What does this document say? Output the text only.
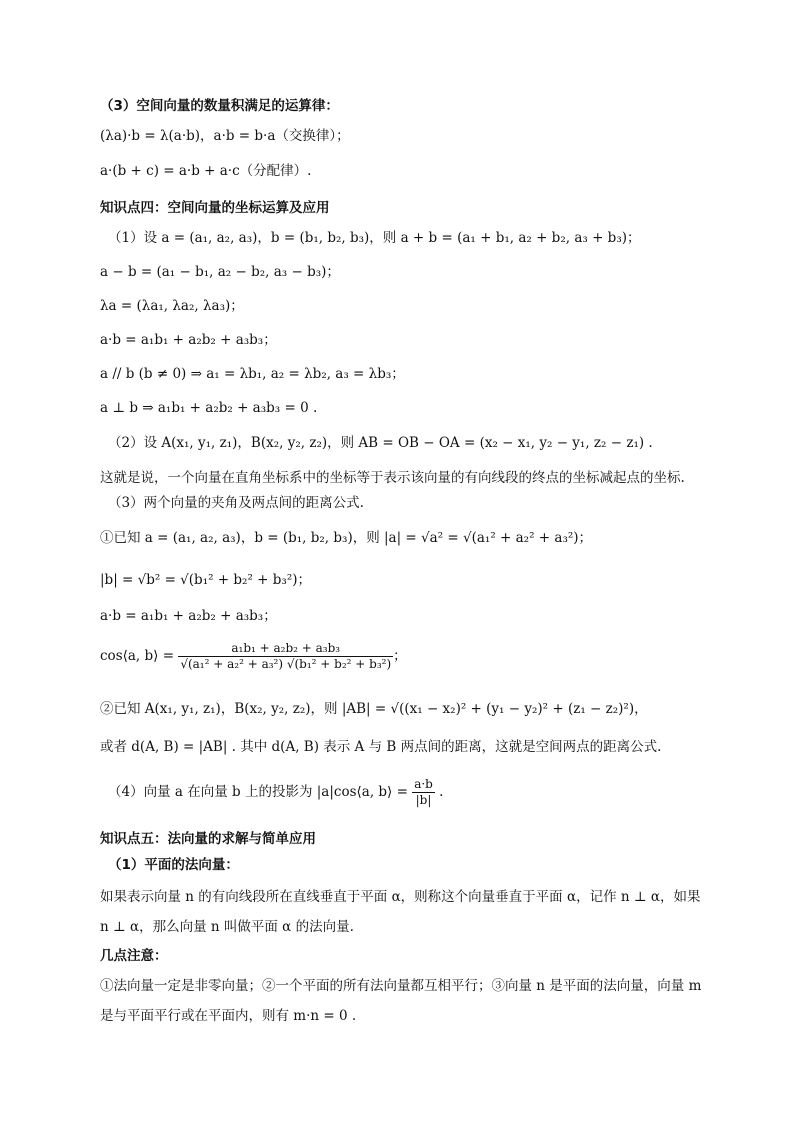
（3）空间向量的数量积满足的运算律：
(λa)·b = λ(a·b)，a·b = b·a（交换律）；
a·(b + c) = a·b + a·c（分配律）.
知识点四：空间向量的坐标运算及应用
（1）设 a = (a₁, a₂, a₃)，b = (b₁, b₂, b₃)，则 a + b = (a₁ + b₁, a₂ + b₂, a₃ + b₃)；
a − b = (a₁ − b₁, a₂ − b₂, a₃ − b₃)；
λa = (λa₁, λa₂, λa₃)；
a·b = a₁b₁ + a₂b₂ + a₃b₃；
a // b (b ≠ 0) ⇒ a₁ = λb₁, a₂ = λb₂, a₃ = λb₃；
a ⊥ b ⇒ a₁b₁ + a₂b₂ + a₃b₃ = 0 .
（2）设 A(x₁, y₁, z₁)，B(x₂, y₂, z₂)，则 AB = OB − OA = (x₂ − x₁, y₂ − y₁, z₂ − z₁) .
这就是说，一个向量在直角坐标系中的坐标等于表示该向量的有向线段的终点的坐标减起点的坐标.
（3）两个向量的夹角及两点间的距离公式.
①已知 a = (a₁, a₂, a₃)，b = (b₁, b₂, b₃)，则 |a| = √a² = √(a₁² + a₂² + a₃²)；
|b| = √b² = √(b₁² + b₂² + b₃²)；
a·b = a₁b₁ + a₂b₂ + a₃b₃；
cos⟨a, b⟩ = $\frac{\text{a₁b₁ + a₂b₂ + a₃b₃}}{\text{√(a₁² + a₂² + a₃²) √(b₁² + b₂² + b₃²)}}$ ；
②已知 A(x₁, y₁, z₁)，B(x₂, y₂, z₂)，则 |AB| = √((x₁ − x₂)² + (y₁ − y₂)² + (z₁ − z₂)²)，
或者 d(A, B) = |AB| . 其中 d(A, B) 表示 A 与 B 两点间的距离，这就是空间两点的距离公式.
（4）向量 a 在向量 b 上的投影为 |a|cos⟨a, b⟩ = $\frac{a\cdot b}{|b|}$ .
知识点五：法向量的求解与简单应用
（1）平面的法向量：
如果表示向量 n 的有向线段所在直线垂直于平面 α，则称这个向量垂直于平面 α，记作 n ⊥ α，如果
n ⊥ α，那么向量 n 叫做平面 α 的法向量.
几点注意：
①法向量一定是非零向量；②一个平面的所有法向量都互相平行；③向量 n 是平面的法向量，向量 m
是与平面平行或在平面内，则有 m·n = 0 .
